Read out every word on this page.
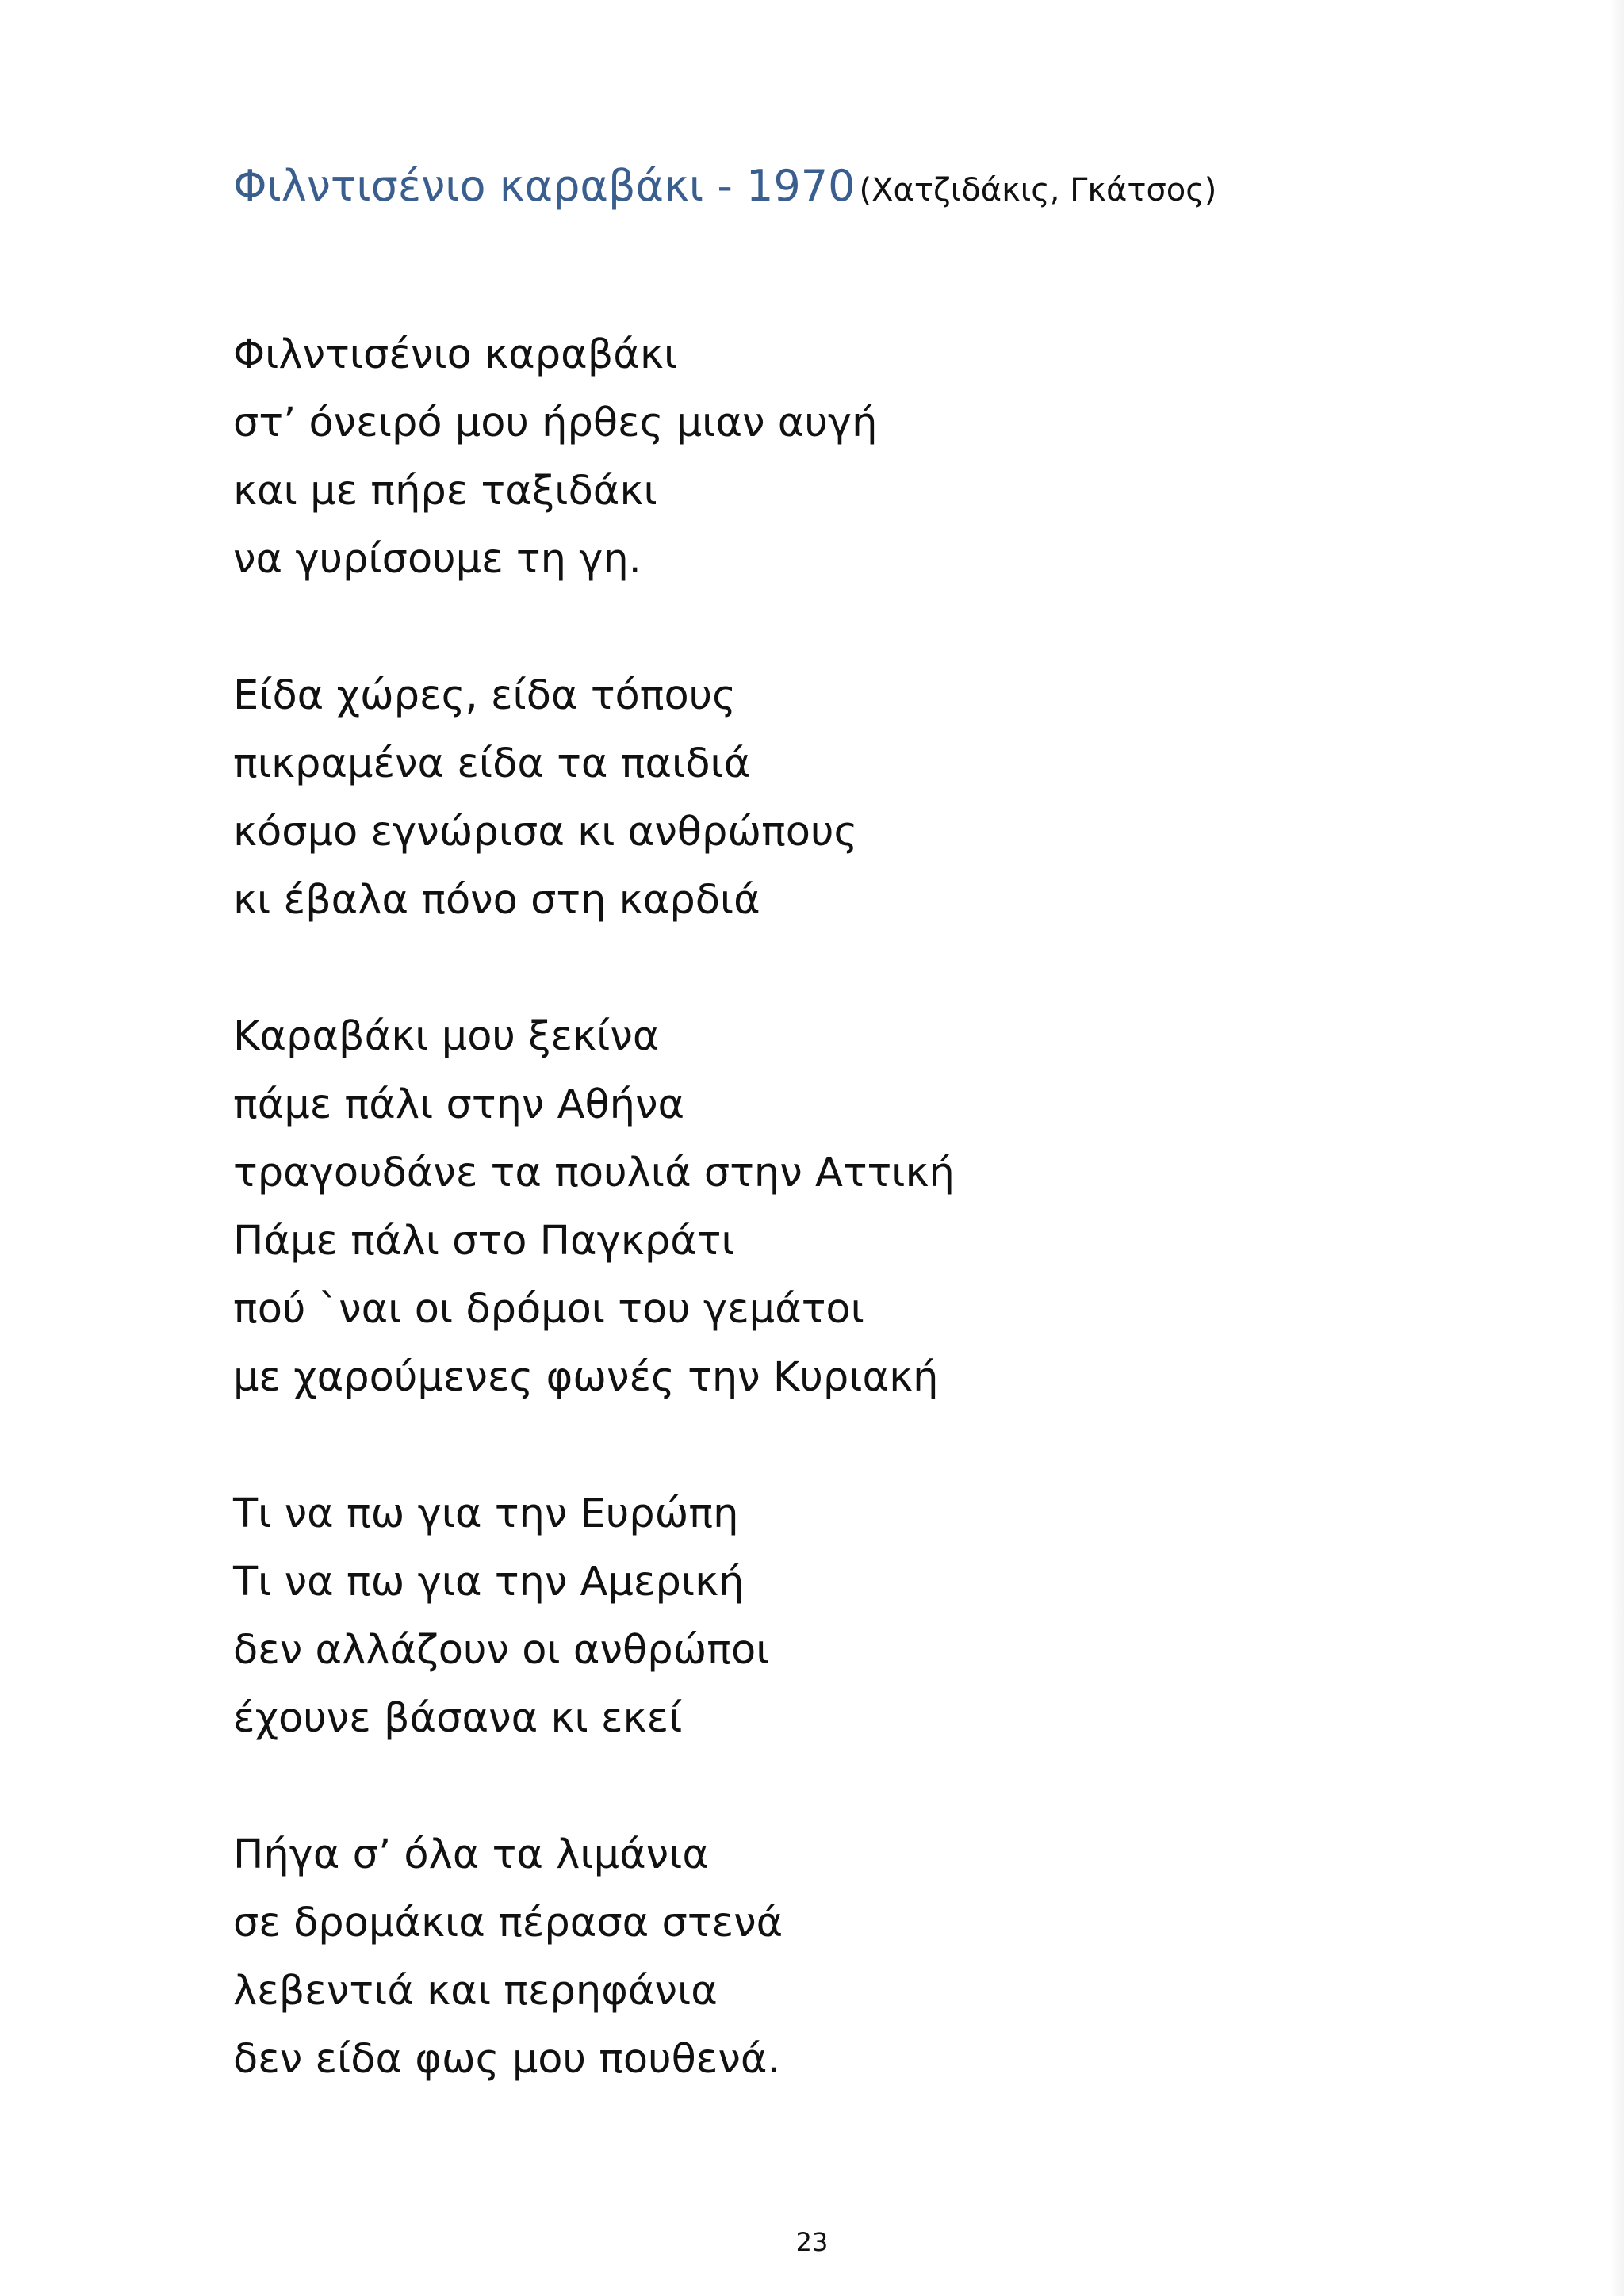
Φιλντισένιο καραβάκι - 1970 (Χατζιδάκις, Γκάτσος)
Φιλντισένιο καραβάκι
στ’ όνειρό μου ήρθες μιαν αυγή
και με πήρε ταξιδάκι
να γυρίσουμε τη γη.
Είδα χώρες, είδα τόπους
πικραμένα είδα τα παιδιά
κόσμο εγνώρισα κι ανθρώπους
κι έβαλα πόνο στη καρδιά
Καραβάκι μου ξεκίνα
πάμε πάλι στην Αθήνα
τραγουδάνε τα πουλιά στην Αττική
Πάμε πάλι στο Παγκράτι
πού `ναι οι δρόμοι του γεμάτοι
με χαρούμενες φωνές την Κυριακή
Τι να πω για την Ευρώπη
Τι να πω για την Αμερική
δεν αλλάζουν οι ανθρώποι
έχουνε βάσανα κι εκεί
Πήγα σ’ όλα τα λιμάνια
σε δρομάκια πέρασα στενά
λεβεντιά και περηφάνια
δεν είδα φως μου πουθενά.
23
